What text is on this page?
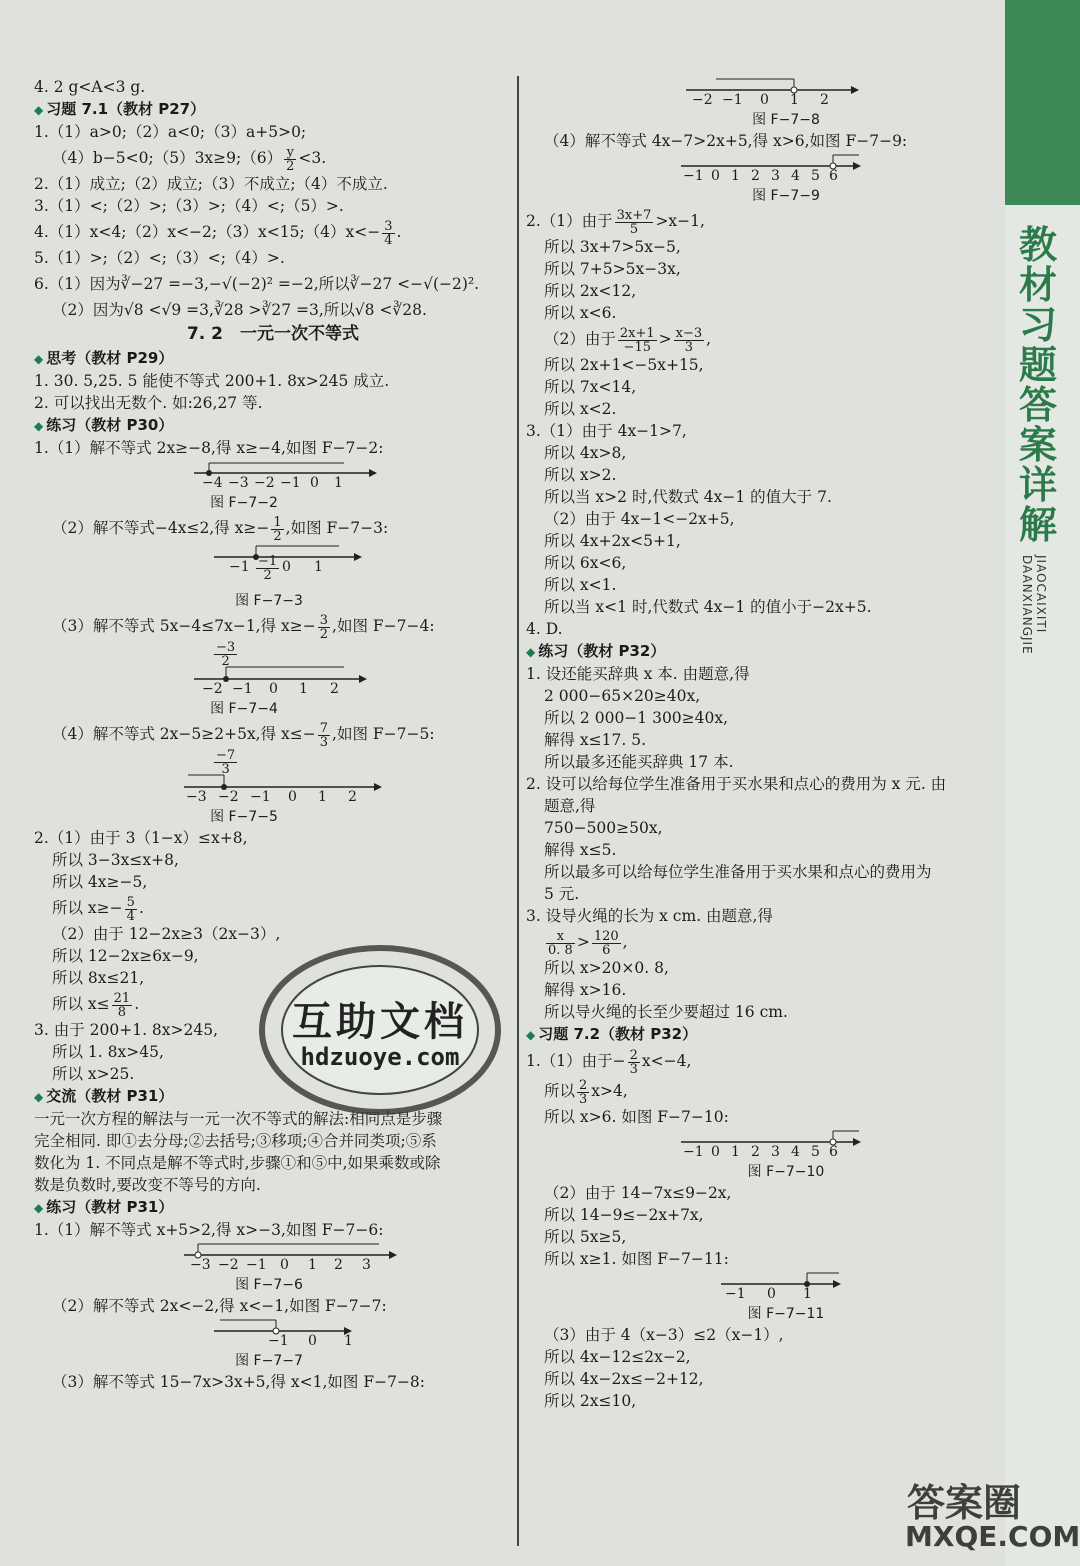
4. 2 g<A<3 g.
◆ 习题 7.1（教材 P27）
1.（1）a>0;（2）a<0;（3）a+5>0;
（4）b−5<0;（5）3x≥9;（6） $\frac{y}{2} <3$.
2.（1）成立;（2）成立;（3）不成立;（4）不成立.
3.（1）<;（2）>;（3）>;（4）<;（5）>.
4.（1）x<4;（2）x<−2;（3）x<15;（4）x<− $\frac{3}{4}$ .
5.（1）>;（2）<;（3）<;（4）>.
6.（1）因为∛−27 =−3,−√(−2)² =−2,所以∛−27 <−√(−2)².
（2）因为√8 <√9 =3,∛28 >∛27 =3,所以√8 <∛28.
7. 2　一元一次不等式
◆ 思考（教材 P29）
1. 30. 5,25. 5 能使不等式 200+1. 8x>245 成立.
2. 可以找出无数个. 如:26,27 等.
◆ 练习（教材 P30）
1.（1）解不等式 2x≥−8,得 x≥−4,如图 F−7−2:
−4 −3 −2 −1 0 1
图 F−7−2
（2）解不等式−4x≤2,得 $x\ge- \frac{1}{2}$ ,如图 F−7−3:
$-1 \frac{-1}{2} 0$ 1
图 F−7−3
（3）解不等式 5x−4≤7x−1,得 $x\ge- \frac{3}{2}$ ,如图 F−7−4:
$\frac{-3}{2}$
−2 −1 0 1 2
图 F−7−4
（4）解不等式 2x−5≥2+5x,得 $x\le- \frac{7}{3}$ ,如图 F−7−5:
$\frac{-7}{3}$
−3 −2 −1 0 1 2
图 F−7−5
2.（1）由于 3（1−x）≤x+8,
所以 3−3x≤x+8,
所以 4x≥−5,
所以 $x\ge- \frac{5}{4}$ .
（2）由于 12−2x≥3（2x−3）,
所以 12−2x≥6x−9,
所以 8x≤21,
所以 $x\le \frac{21}{8}$ .
3. 由于 200+1. 8x>245,
所以 1. 8x>45,
所以 x>25.
◆ 交流（教材 P31）
一元一次方程的解法与一元一次不等式的解法:相同点是步骤
完全相同. 即①去分母;②去括号;③移项;④合并同类项;⑤系
数化为 1. 不同点是解不等式时,步骤①和⑤中,如果乘数或除
数是负数时,要改变不等号的方向.
◆ 练习（教材 P31）
1.（1）解不等式 x+5>2,得 x>−3,如图 F−7−6:
−3 −2 −1 0 1 2 3
图 F−7−6
（2）解不等式 2x<−2,得 x<−1,如图 F−7−7:
−1 0 1
图 F−7−7
（3）解不等式 15−7x>3x+5,得 x<1,如图 F−7−8:
−2 −1 0 1 2
图 F−7−8
（4）解不等式 4x−7>2x+5,得 x>6,如图 F−7−9:
−1 0 1 2 3 4 5 6
图 F−7−9
2.（1）由于 $\frac{3x+7}{5} >x-1$,
所以 3x+7>5x−5,
所以 7+5>5x−3x,
所以 2x<12,
所以 x<6.
（2）由于 $\frac{2x+1}{-15} > \frac{x-3}{3}$ ,
所以 2x+1<−5x+15,
所以 7x<14,
所以 x<2.
3.（1）由于 4x−1>7,
所以 4x>8,
所以 x>2.
所以当 x>2 时,代数式 4x−1 的值大于 7.
（2）由于 4x−1<−2x+5,
所以 4x+2x<5+1,
所以 6x<6,
所以 x<1.
所以当 x<1 时,代数式 4x−1 的值小于−2x+5.
4. D.
◆ 练习（教材 P32）
1. 设还能买辞典 x 本. 由题意,得
2 000−65×20≥40x,
所以 2 000−1 300≥40x,
解得 x≤17. 5.
所以最多还能买辞典 17 本.
2. 设可以给每位学生准备用于买水果和点心的费用为 x 元. 由
题意,得
750−500≥50x,
解得 x≤5.
所以最多可以给每位学生准备用于买水果和点心的费用为
5 元.
3. 设导火绳的长为 x cm. 由题意,得
$\frac{x}{0. 8} > \frac{120}{6}$ ,
所以 x>20×0. 8,
解得 x>16.
所以导火绳的长至少要超过 16 cm.
◆ 习题 7.2（教材 P32）
1.（1）由于− $\frac{2}{3} x<-4$,
所以 $\frac{2}{3} x>4$,
所以 x>6. 如图 F−7−10:
−1 0 1 2 3 4 5 6
图 F−7−10
（2）由于 14−7x≤9−2x,
所以 14−9≤−2x+7x,
所以 5x≥5,
所以 x≥1. 如图 F−7−11:
−1 0 1
图 F−7−11
（3）由于 4（x−3）≤2（x−1）,
所以 4x−12≤2x−2,
所以 4x−2x≤−2+12,
所以 2x≤10,
教材习题答案详解
JIAOCAIXITI
DAANXIANGJIE
互助文档
hdzuoye.com
答案圈
MXQE.COM
